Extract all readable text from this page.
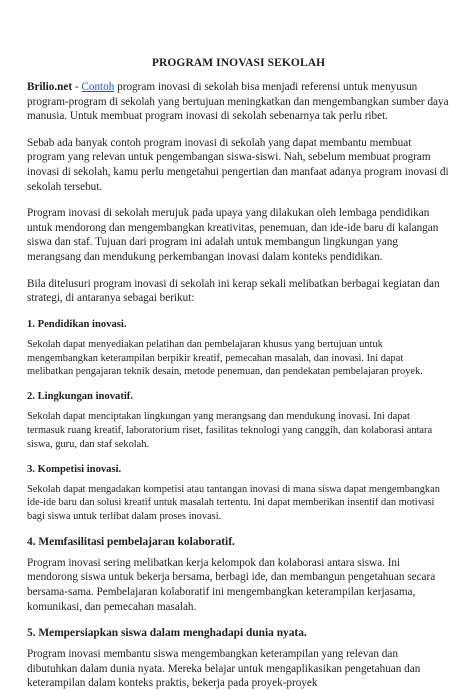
PROGRAM INOVASI SEKOLAH

Brilio.net - Contoh program inovasi di sekolah bisa menjadi referensi untuk menyusun program-program di sekolah yang bertujuan meningkatkan dan mengembangkan sumber daya manusia. Untuk membuat program inovasi di sekolah sebenarnya tak perlu ribet.

Sebab ada banyak contoh program inovasi di sekolah yang dapat membantu membuat program yang relevan untuk pengembangan siswa-siswi. Nah, sebelum membuat program inovasi di sekolah, kamu perlu mengetahui pengertian dan manfaat adanya program inovasi di sekolah tersebut.

Program inovasi di sekolah merujuk pada upaya yang dilakukan oleh lembaga pendidikan untuk mendorong dan mengembangkan kreativitas, penemuan, dan ide-ide baru di kalangan siswa dan staf. Tujuan dari program ini adalah untuk membangun lingkungan yang merangsang dan mendukung perkembangan inovasi dalam konteks pendidikan.

Bila ditelusuri program inovasi di sekolah ini kerap sekali melibatkan berbagai kegiatan dan strategi, di antaranya sebagai berikut:

1. Pendidikan inovasi.

Sekolah dapat menyediakan pelatihan dan pembelajaran khusus yang bertujuan untuk mengembangkan keterampilan berpikir kreatif, pemecahan masalah, dan inovasi. Ini dapat melibatkan pengajaran teknik desain, metode penemuan, dan pendekatan pembelajaran proyek.

2. Lingkungan inovatif.

Sekolah dapat menciptakan lingkungan yang merangsang dan mendukung inovasi. Ini dapat termasuk ruang kreatif, laboratorium riset, fasilitas teknologi yang canggih, dan kolaborasi antara siswa, guru, dan staf sekolah.

3. Kompetisi inovasi.

Sekolah dapat mengadakan kompetisi atau tantangan inovasi di mana siswa dapat mengembangkan ide-ide baru dan solusi kreatif untuk masalah tertentu. Ini dapat memberikan insentif dan motivasi bagi siswa untuk terlibat dalam proses inovasi.

4. Memfasilitasi pembelajaran kolaboratif.

Program inovasi sering melibatkan kerja kelompok dan kolaborasi antara siswa. Ini mendorong siswa untuk bekerja bersama, berbagi ide, dan membangun pengetahuan secara bersama-sama. Pembelajaran kolaboratif ini mengembangkan keterampilan kerjasama, komunikasi, dan pemecahan masalah.

5. Mempersiapkan siswa dalam menghadapi dunia nyata.

Program inovasi membantu siswa mengembangkan keterampilan yang relevan dan dibutuhkan dalam dunia nyata. Mereka belajar untuk mengaplikasikan pengetahuan dan keterampilan dalam konteks praktis, bekerja pada proyek-proyek
